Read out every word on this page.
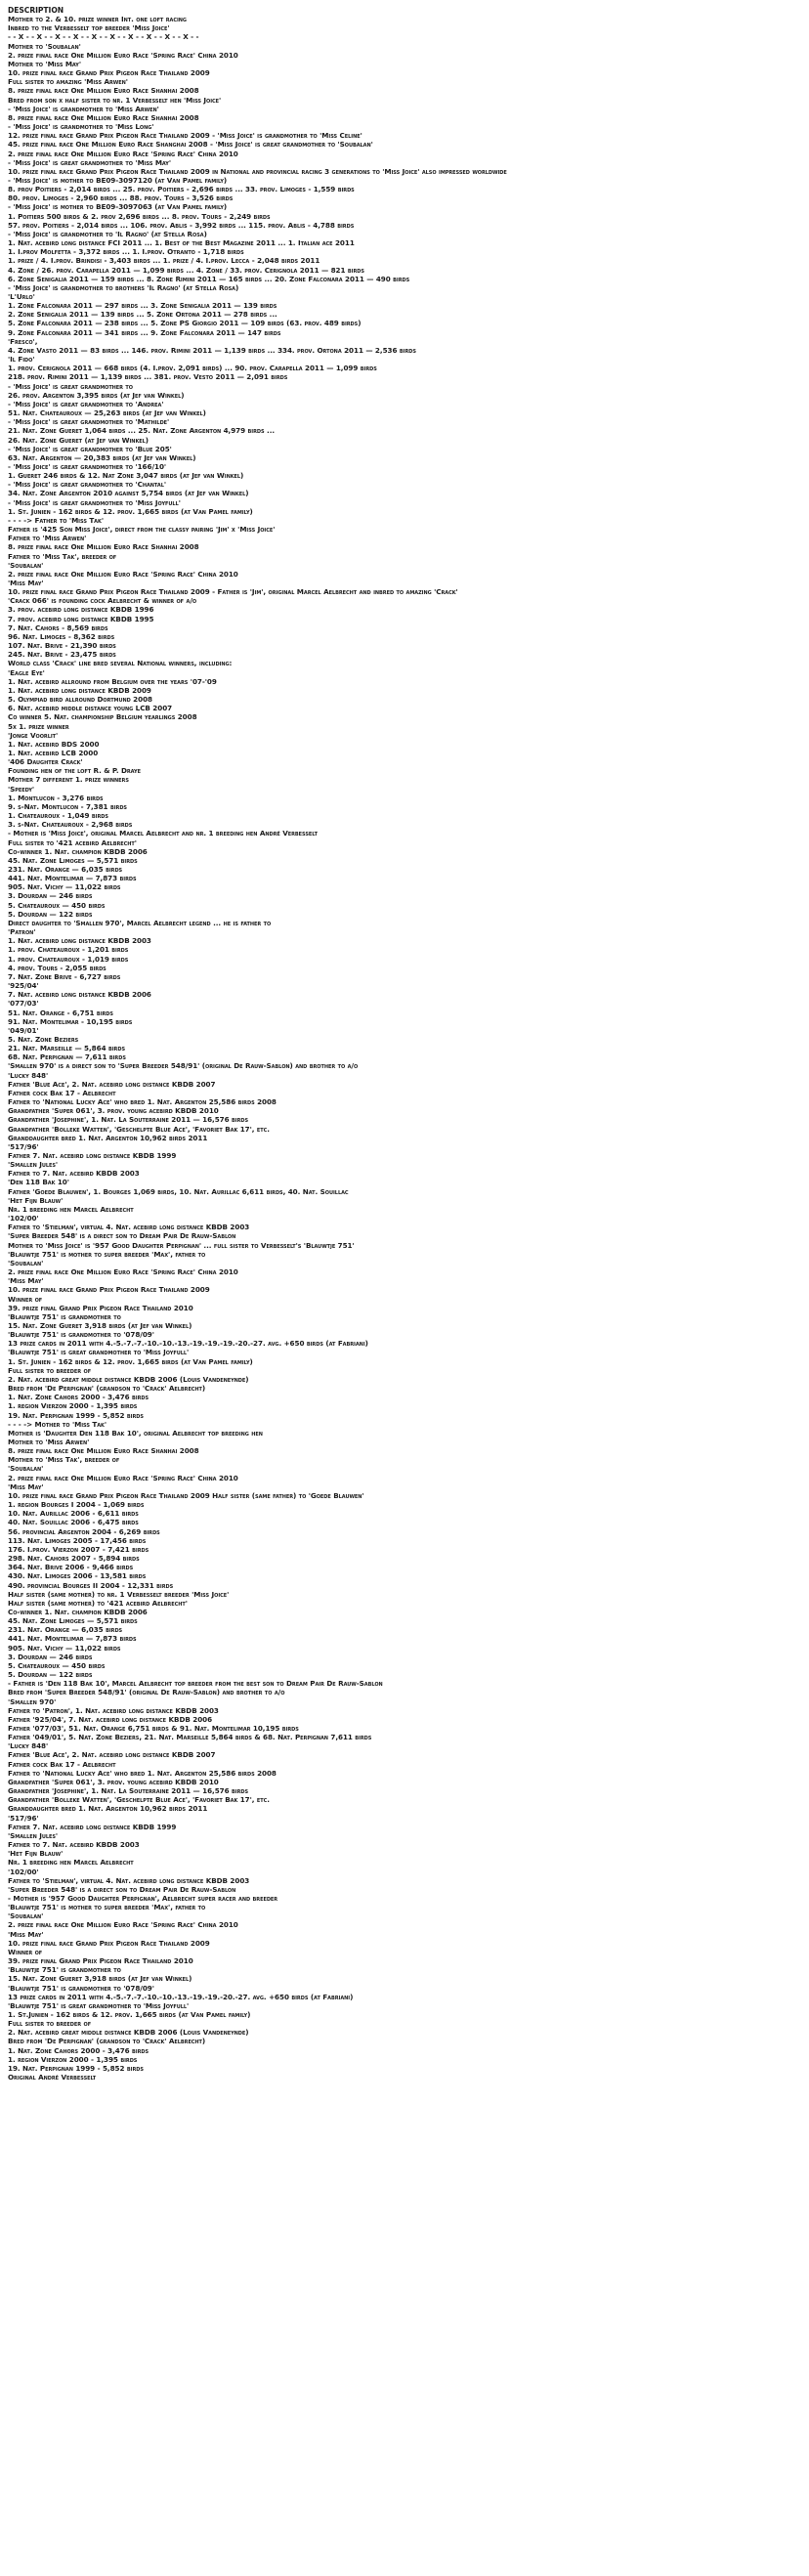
DESCRIPTION
Mother to 2. & 10. prize winner Int. one loft racing
Inbred to the Verbesselt top breeder 'Miss Joice'
- - X - - X - - X - - X - - X - - X - - X - - X - - X - - X - -
Mother to 'Soubalan'
2. prize final race One Million Euro Race 'Spring Race' China 2010
Mother to 'Miss May'
10. prize final race Grand Prix Pigeon Race Thailand 2009
Full sister to amazing 'Miss Arwen'
8. prize final race One Million Euro Race Shanhai 2008
Bred from son x half sister to nr. 1 Verbesselt hen 'Miss Joice'
- 'Miss Joice' is grandmother to 'Miss Arwen'
8. prize final race One Million Euro Race Shanhai 2008
- 'Miss Joice' is grandmother to 'Miss Long'
12. prize final race Grand Prix Pigeon Race Thailand 2009 - 'Miss Joice' is grandmother to 'Miss Celine'
45. prize final race One Million Euro Race Shanghai 2008 - 'Miss Joice' is great grandmother to 'Soubalan'
2. prize final race One Million Euro Race 'Spring Race' China 2010
- 'Miss Joice' is great grandmother to 'Miss May'
10. prize final race Grand Prix Pigeon Race Thailand 2009 in National and provincial racing 3 generations to 'Miss Joice' also impressed worldwide
- 'Miss Joice' is mother to BE09-3097120 (at Van Pamel family)
8. prov Poitiers - 2,014 birds ... 25. prov. Poitiers - 2,696 birds ... 33. prov. Limoges - 1,559 birds
80. prov. Limoges - 2,960 birds ... 88. prov. Tours - 3,526 birds
- 'Miss Joice' is mother to BE09-3097063 (at Van Pamel family)
1. Poitiers 500 birds & 2. prov 2,696 birds ... 8. prov. Tours - 2,249 birds
57. prov. Poitiers - 2,014 birds ... 106. prov. Ablis - 3,992 birds ... 115. prov. Ablis - 4,788 birds
- 'Miss Joice' is grandmother to 'Il Ragno' (at Stella Rosa)
1. Nat. acebird long distance FCI 2011 ... 1. Best of the Best Magazine 2011 ... 1. Italian ace 2011
1. I.prov Molfetta - 3,372 birds ... 1. I.prov. Otranto - 1,718 birds
1. prize / 4. I.prov. Brindisi - 3,403 birds ... 1. prize / 4. I.prov. Lecca - 2,048 birds 2011
4. Zone / 26. prov. Carapella 2011 — 1,099 birds ... 4. Zone / 33. prov. Cerignola 2011 — 821 birds
6. Zone Senigalia 2011 — 159 birds ... 8. Zone Rimini 2011 — 165 birds ... 20. Zone Falconara 2011 — 490 birds
- 'Miss Joice' is grandmother to brothers 'Il Ragno' (at Stella Rosa)
'L'Urlo'
1. Zone Falconara 2011 — 297 birds ... 3. Zone Senigalia 2011 — 139 birds
2. Zone Senigalia 2011 — 139 birds ... 5. Zone Ortona 2011 — 278 birds ...
5. Zone Falconara 2011 — 238 birds ... 5. Zone PS Giorgio 2011 — 109 birds (63. prov. 489 birds)
9. Zone Falconara 2011 — 341 birds ... 9. Zone Falconara 2011 — 147 birds
'Fresco',
4. Zone Vasto 2011 — 83 birds ... 146. prov. Rimini 2011 — 1,139 birds ... 334. prov. Ortona 2011 — 2,536 birds
'Il Fido'
1. prov. Cerignola 2011 — 668 birds (4. I.prov. 2,091 birds) ... 90. prov. Carapella 2011 — 1,099 birds
218. prov. Rimini 2011 — 1,139 birds ... 381. prov. Vesto 2011 — 2,091 birds
- 'Miss Joice' is great grandmother to
26. prov. Argenton 3,395 birds (at Jef van Winkel)
- 'Miss Joice' is great grandmother to 'Andrea'
51. Nat. Chateauroux — 25,263 birds (at Jef van Winkel)
- 'Miss Joice' is great grandmother to 'Mathilde'
21. Nat. Zone Gueret 1,064 birds ... 25. Nat. Zone Argenton 4,979 birds ...
26. Nat. Zone Gueret (at Jef van Winkel)
- 'Miss Joice' is great grandmother to 'Blue 205'
63. Nat. Argenton — 20,383 birds (at Jef van Winkel)
- 'Miss Joice' is great grandmother to '166/10'
1. Gueret 246 birds & 12. Nat Zone 3,047 birds (at Jef van Winkel)
- 'Miss Joice' is great grandmother to 'Chantal'
34. Nat. Zone Argenton 2010 against 5,754 birds (at Jef van Winkel)
- 'Miss Joice' is great grandmother to 'Miss Joyfull'
1. St. Junien - 162 birds & 12. prov. 1,665 birds (at Van Pamel family)
- - - -> Father to 'Miss Tak'
Father is '425 Son Miss Joice', direct from the classy pairing 'Jim' x 'Miss Joice'
Father to 'Miss Arwen'
8. prize final race One Million Euro Race Shanhai 2008
Father to 'Miss Tak', breeder of
'Soubalan'
2. prize final race One Million Euro Race 'Spring Race' China 2010
'Miss May'
10. prize final race Grand Prix Pigeon Race Thailand 2009 - Father is 'Jim', original Marcel Aelbrecht and inbred to amazing 'Crack'
'Crack 066' is founding cock Aelbrecht & winner of a/o
3. prov. acebird long distance KBDB 1996
7. prov. acebird long distance KBDB 1995
7. Nat. Cahors - 8,569 birds
96. Nat. Limoges - 8,362 birds
107. Nat. Brive - 21,390 birds
245. Nat. Brive - 23,475 birds
World class 'Crack' line bred several National winners, including:
'Eagle Eye'
1. Nat. acebird allround from Belgium over the years '07-'09
1. Nat. acebird long distance KBDB 2009
5. Olympiad bird allround Dortmund 2008
6. Nat. acebird middle distance young LCB 2007
Co winner 5. Nat. championship Belgium yearlings 2008
5x 1. prize winner
'Jonge Voorlit'
1. Nat. acebird BDS 2000
1. Nat. acebird LCB 2000
'406 Daughter Crack'
Founding hen of the loft R. & P. Draye
Mother 7 different 1. prize winners
'Speedy'
1. Montlucon - 3,276 birds
9. s-Nat. Montlucon - 7,381 birds
1. Chateauroux - 1,049 birds
3. s-Nat. Chateauroux - 2,968 birds
- Mother is 'Miss Joice', original Marcel Aelbrecht and nr. 1 breeding hen André Verbesselt
Full sister to '421 acebird Aelbrecht'
Co-winner 1. Nat. champion KBDB 2006
45. Nat. Zone Limoges — 5,571 birds
231. Nat. Orange — 6,035 birds
441. Nat. Montelimar — 7,873 birds
905. Nat. Vichy — 11,022 birds
3. Dourdan — 246 birds
5. Chateauroux — 450 birds
5. Dourdan — 122 birds
Direct daughter to 'Smallen 970', Marcel Aelbrecht legend ... he is father to
'Patron'
1. Nat. acebird long distance KBDB 2003
1. prov. Chateauroux - 1,201 birds
1. prov. Chateauroux - 1,019 birds
4. prov. Tours - 2,055 birds
7. Nat. Zone Brive - 6,727 birds
'925/04'
7. Nat. acebird long distance KBDB 2006
'077/03'
51. Nat. Orange - 6,751 birds
91. Nat. Montelimar - 10,195 birds
'049/01'
5. Nat. Zone Beziers
21. Nat. Marseille — 5,864 birds
68. Nat. Perpignan — 7,611 birds
'Smallen 970' is a direct son to 'Super Breeder 548/91' (original De Rauw-Sablon) and brother to a/o
'Lucky 848'
Father 'Blue Ace', 2. Nat. acebird long distance KBDB 2007
Father cock Bak 17 - Aelbrecht
Father to 'National Lucky Ace' who bred 1. Nat. Argenton 25,586 birds 2008
Grandfather 'Super 061', 3. prov. young acebird KBDB 2010
Grandfather 'Josephine', 1. Nat. La Souterraine 2011 — 16,576 birds
Grandfather 'Bolleke Watten', 'Geschelpte Blue Ace', 'Favoriet Bak 17', etc.
Granddaughter bred 1. Nat. Argenton 10,962 birds 2011
'517/96'
Father 7. Nat. acebird long distance KBDB 1999
'Smallen Jules'
Father to 7. Nat. acebird KBDB 2003
'Den 118 Bak 10'
Father 'Goede Blauwen', 1. Bourges 1,069 birds, 10. Nat. Aurillac 6,611 birds, 40. Nat. Souillac
'Het Fijn Blauw'
Nr. 1 breeding hen Marcel Aelbrecht
'102/00'
Father to 'Stielman', virtual 4. Nat. acebird long distance KBDB 2003
'Super Breeder 548' is a direct son to Dream Pair De Rauw-Sablon
Mother to 'Miss Joice' is '957 Good Daughter Perpignan' ... full sister to Verbesselt's 'Blauwtje 751'
'Blauwtje 751' is mother to super breeder 'Max', father to
'Soubalan'
2. prize final race One Million Euro Race 'Spring Race' China 2010
'Miss May'
10. prize final race Grand Prix Pigeon Race Thailand 2009
Winner of
39. prize final Grand Prix Pigeon Race Thailand 2010
'Blauwtje 751' is grandmother to
15. Nat. Zone Gueret 3,918 birds (at Jef van Winkel)
'Blauwtje 751' is grandmother to '078/09'
13 prize cards in 2011 with 4.-5.-7.-7.-10.-10.-13.-19.-19.-19.-20.-27. avg. +650 birds (at Fabriani)
'Blauwtje 751' is great grandmother to 'Miss Joyfull'
1. St. Junien - 162 birds & 12. prov. 1,665 birds (at Van Pamel family)
Full sister to breeder of
2. Nat. acebird great middle distance KBDB 2006 (Louis Vandeneynde)
Bred from 'De Perpignan' (grandson to 'Crack' Aelbrecht)
1. Nat. Zone Cahors 2000 - 3,476 birds
1. region Vierzon 2000 - 1,395 birds
19. Nat. Perpignan 1999 - 5,852 birds
- - - -> Mother to 'Miss Tak'
Mother is 'Daughter Den 118 Bak 10', original Aelbrecht top breeding hen
Mother to 'Miss Arwen'
8. prize final race One Million Euro Race Shanhai 2008
Mother to 'Miss Tak', breeder of
'Soubalan'
2. prize final race One Million Euro Race 'Spring Race' China 2010
'Miss May'
10. prize final race Grand Prix Pigeon Race Thailand 2009 Half sister (same father) to 'Goede Blauwen'
1. region Bourges I 2004 - 1,069 birds
10. Nat. Aurillac 2006 - 6,611 birds
40. Nat. Souillac 2006 - 6,475 birds
56. provincial Argenton 2004 - 6,269 birds
113. Nat. Limoges 2005 - 17,456 birds
176. I.prov. Vierzon 2007 - 7,421 birds
298. Nat. Cahors 2007 - 5,894 birds
364. Nat. Brive 2006 - 9,466 birds
430. Nat. Limoges 2006 - 13,581 birds
490. provincial Bourges II 2004 - 12,331 birds
Half sister (same mother) to nr. 1 Verbesselt breeder 'Miss Joice'
Half sister (same mother) to '421 acebird Aelbrecht'
Co-winner 1. Nat. champion KBDB 2006
45. Nat. Zone Limoges — 5,571 birds
231. Nat. Orange — 6,035 birds
441. Nat. Montelimar — 7,873 birds
905. Nat. Vichy — 11,022 birds
3. Dourdan — 246 birds
5. Chateauroux — 450 birds
5. Dourdan — 122 birds
- Father is 'Den 118 Bak 10', Marcel Aelbrecht top breeder from the best son to Dream Pair De Rauw-Sablon
Bred from 'Super Breeder 548/91' (original De Rauw-Sablon) and brother to a/o
'Smallen 970'
Father to 'Patron', 1. Nat. acebird long distance KBDB 2003
Father '925/04', 7. Nat. acebird long distance KBDB 2006
Father '077/03', 51. Nat. Orange 6,751 birds & 91. Nat. Montelimar 10,195 birds
Father '049/01', 5. Nat. Zone Beziers, 21. Nat. Marseille 5,864 birds & 68. Nat. Perpignan 7,611 birds
'Lucky 848'
Father 'Blue Ace', 2. Nat. acebird long distance KBDB 2007
Father cock Bak 17 - Aelbrecht
Father to 'National Lucky Ace' who bred 1. Nat. Argenton 25,586 birds 2008
Grandfather 'Super 061', 3. prov. young acebird KBDB 2010
Grandfather 'Josephine', 1. Nat. La Souterraine 2011 — 16,576 birds
Grandfather 'Bolleke Watten', 'Geschelpte Blue Ace', 'Favoriet Bak 17', etc.
Granddaughter bred 1. Nat. Argenton 10,962 birds 2011
'517/96'
Father 7. Nat. acebird long distance KBDB 1999
'Smallen Jules'
Father to 7. Nat. acebird KBDB 2003
'Het Fijn Blauw'
Nr. 1 breeding hen Marcel Aelbrecht
'102/00'
Father to 'Stielman', virtual 4. Nat. acebird long distance KBDB 2003
'Super Breeder 548' is a direct son to Dream Pair De Rauw-Sablon
- Mother is '957 Good Daughter Perpignan', Aelbrecht super racer and breeder
'Blauwtje 751' is mother to super breeder 'Max', father to
'Soubalan'
2. prize final race One Million Euro Race 'Spring Race' China 2010
'Miss May'
10. prize final race Grand Prix Pigeon Race Thailand 2009
Winner of
39. prize final Grand Prix Pigeon Race Thailand 2010
'Blauwtje 751' is grandmother to
15. Nat. Zone Gueret 3,918 birds (at Jef van Winkel)
'Blauwtje 751' is grandmother to '078/09'
13 prize cards in 2011 with 4.-5.-7.-7.-10.-10.-13.-19.-19.-20.-27. avg. +650 birds (at Fabriani)
'Blauwtje 751' is great grandmother to 'Miss Joyfull'
1. St.Junien - 162 birds & 12. prov. 1,665 birds (at Van Pamel family)
Full sister to breeder of
2. Nat. acebird great middle distance KBDB 2006 (Louis Vandeneynde)
Bred from 'De Perpignan' (grandson to 'Crack' Aelbrecht)
1. Nat. Zone Cahors 2000 - 3,476 birds
1. region Vierzon 2000 - 1,395 birds
19. Nat. Perpignan 1999 - 5,852 birds
Original André Verbesselt
